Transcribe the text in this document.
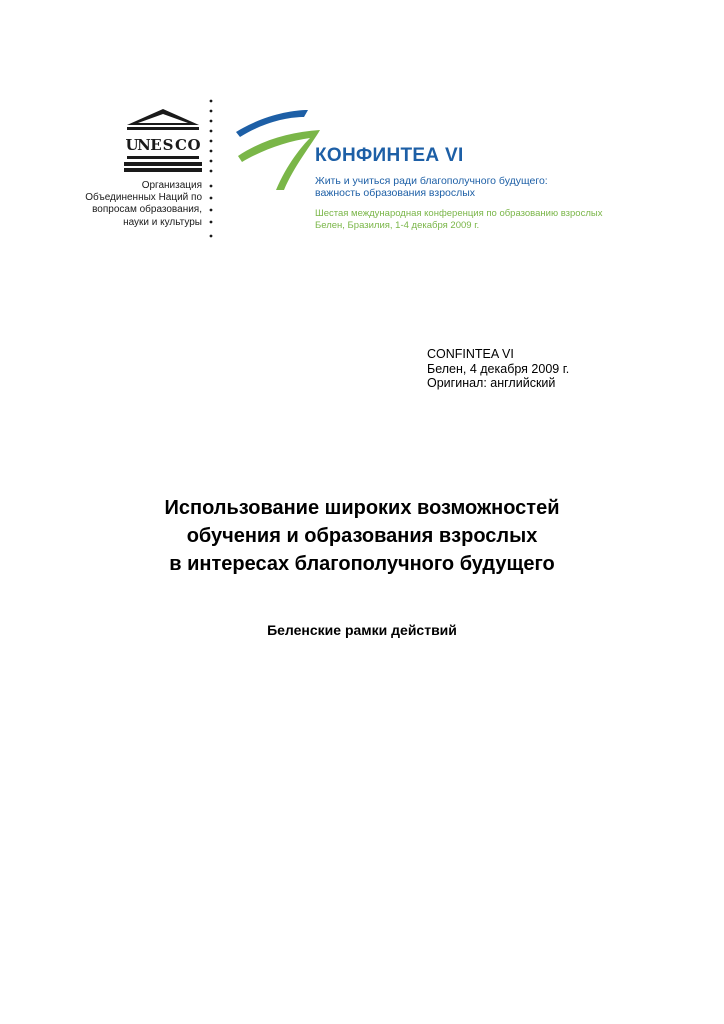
U
N E S C O
Организация
Объединенных Наций по
вопросам образования,
науки и культуры
КОНФИНТЕА VI
Жить и учиться ради благополучного будущего:
важность образования взрослых
Шестая международная конференция по образованию взрослых
Белен, Бразилия, 1-4 декабря 2009 г.
CONFINTEA VI
Белен, 4 декабря 2009 г.
Оригинал: английский
Использование широких возможностей
обучения и образования взрослых
в интересах благополучного будущего
Беленские рамки действий
